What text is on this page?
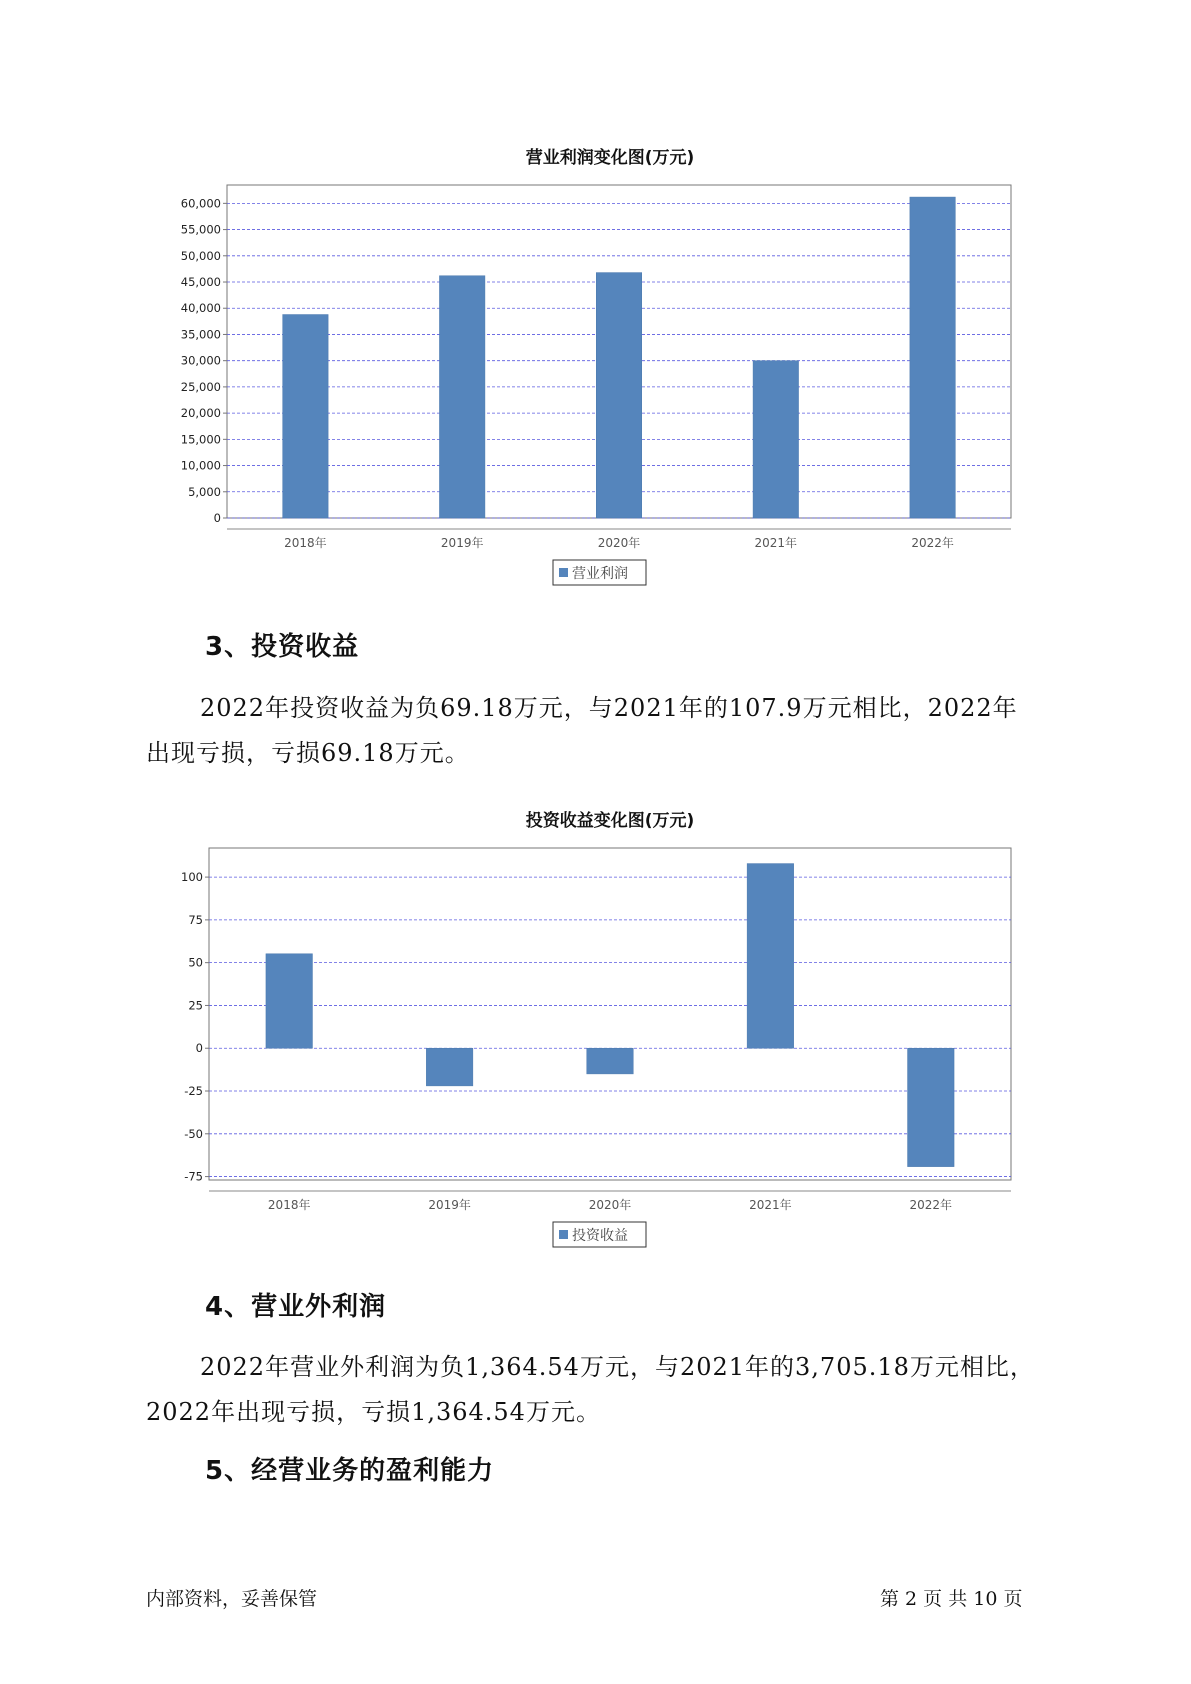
营业利润变化图(万元)
0
5,000
10,000
15,000
20,000
25,000
30,000
35,000
40,000
45,000
50,000
55,000
60,000
2018年	2019年	2020年	2021年	2022年
营业利润
3、投资收益
2022年投资收益为负69.18万元，与2021年的107.9万元相比，2022年
出现亏损，亏损69.18万元。
投资收益变化图(万元)
-75
-50
-25
0
25
50
75
100
2018年	2019年	2020年	2021年	2022年
投资收益
4、营业外利润
2022年营业外利润为负1,364.54万元，与2021年的3,705.18万元相比，
2022年出现亏损，亏损1,364.54万元。
5、经营业务的盈利能力
内部资料，妥善保管	第 2 页 共 10 页
